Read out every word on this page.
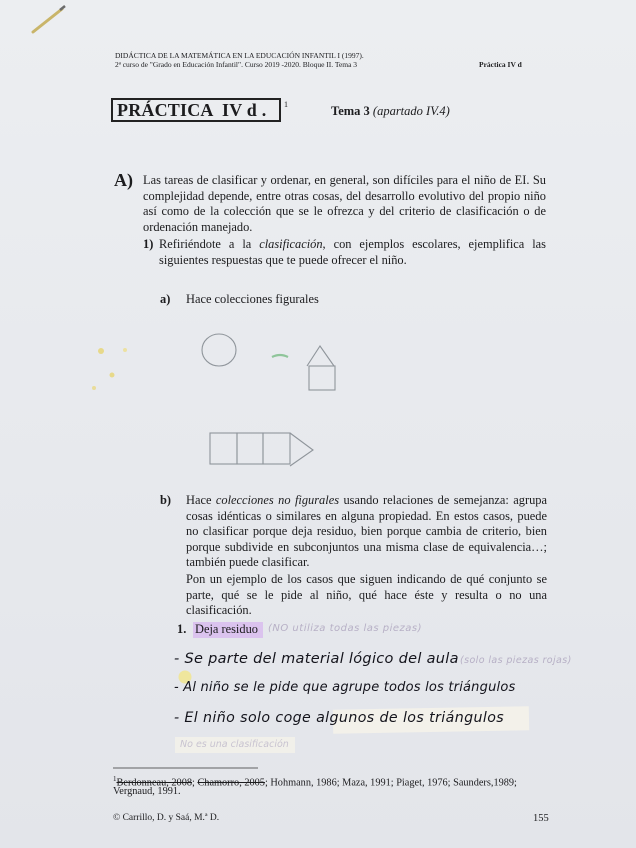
DIDÁCTICA DE LA MATEMÁTICA EN LA EDUCACIÓN INFANTIL I (1997).
2ª curso de "Grado en Educación Infantil". Curso 2019 -2020. Bloque II. Tema 3	Práctica IV d
PRÁCTICA  IV d . 1	Tema 3 (apartado IV.4)
A) Las tareas de clasificar y ordenar, en general, son difíciles para el niño de EI. Su complejidad depende, entre otras cosas, del desarrollo evolutivo del propio niño así como de la colección que se le ofrezca y del criterio de clasificación o de ordenación manejado.
1) Refiriéndote a la clasificación, con ejemplos escolares, ejemplifica las siguientes respuestas que te puede ofrecer el niño.
a) Hace colecciones figurales
b) Hace colecciones no figurales usando relaciones de semejanza: agrupa cosas idénticas o similares en alguna propiedad. En estos casos, puede no clasificar porque deja residuo, bien porque cambia de criterio, bien porque subdivide en subconjuntos una misma clase de equivalencia…; también puede clasificar.
Pon un ejemplo de los casos que siguen indicando de qué conjunto se parte, qué se le pide al niño, qué hace éste y resulta o no una clasificación.
1. Deja residuo (NO utiliza todas las piezas)
- Se parte del material lógico del aula (solo las piezas rojas)
- Al niño se le pide que agrupe todos los triángulos
- El niño solo coge algunos de los triángulos
No es una clasificación
$^1$Berdonneau, 2008; Chamorro, 2005; Hohmann, 1986; Maza, 1991; Piaget, 1976; Saunders,1989;
Vergnaud, 1991.
© Carrillo, D. y Saá, M.ª D.	155
